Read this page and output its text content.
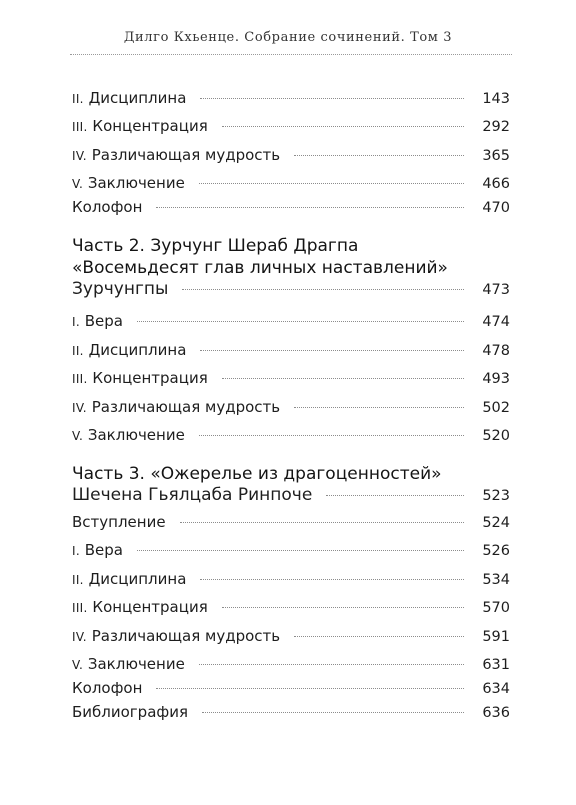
Дилго Кхьенце. Собрание сочинений. Том 3
II. Дисциплина	143
III. Концентрация	292
IV. Различающая мудрость	365
V. Заключение	466
Колофон	470
Часть 2. Зурчунг Шераб Драгпа
«Восемьдесят глав личных наставлений»
Зурчунгпы	473
I. Вера	474
II. Дисциплина	478
III. Концентрация	493
IV. Различающая мудрость	502
V. Заключение	520
Часть 3. «Ожерелье из драгоценностей»
Шечена Гьялцаба Ринпоче	523
Вступление	524
I. Вера	526
II. Дисциплина	534
III. Концентрация	570
IV. Различающая мудрость	591
V. Заключение	631
Колофон	634
Библиография	636
